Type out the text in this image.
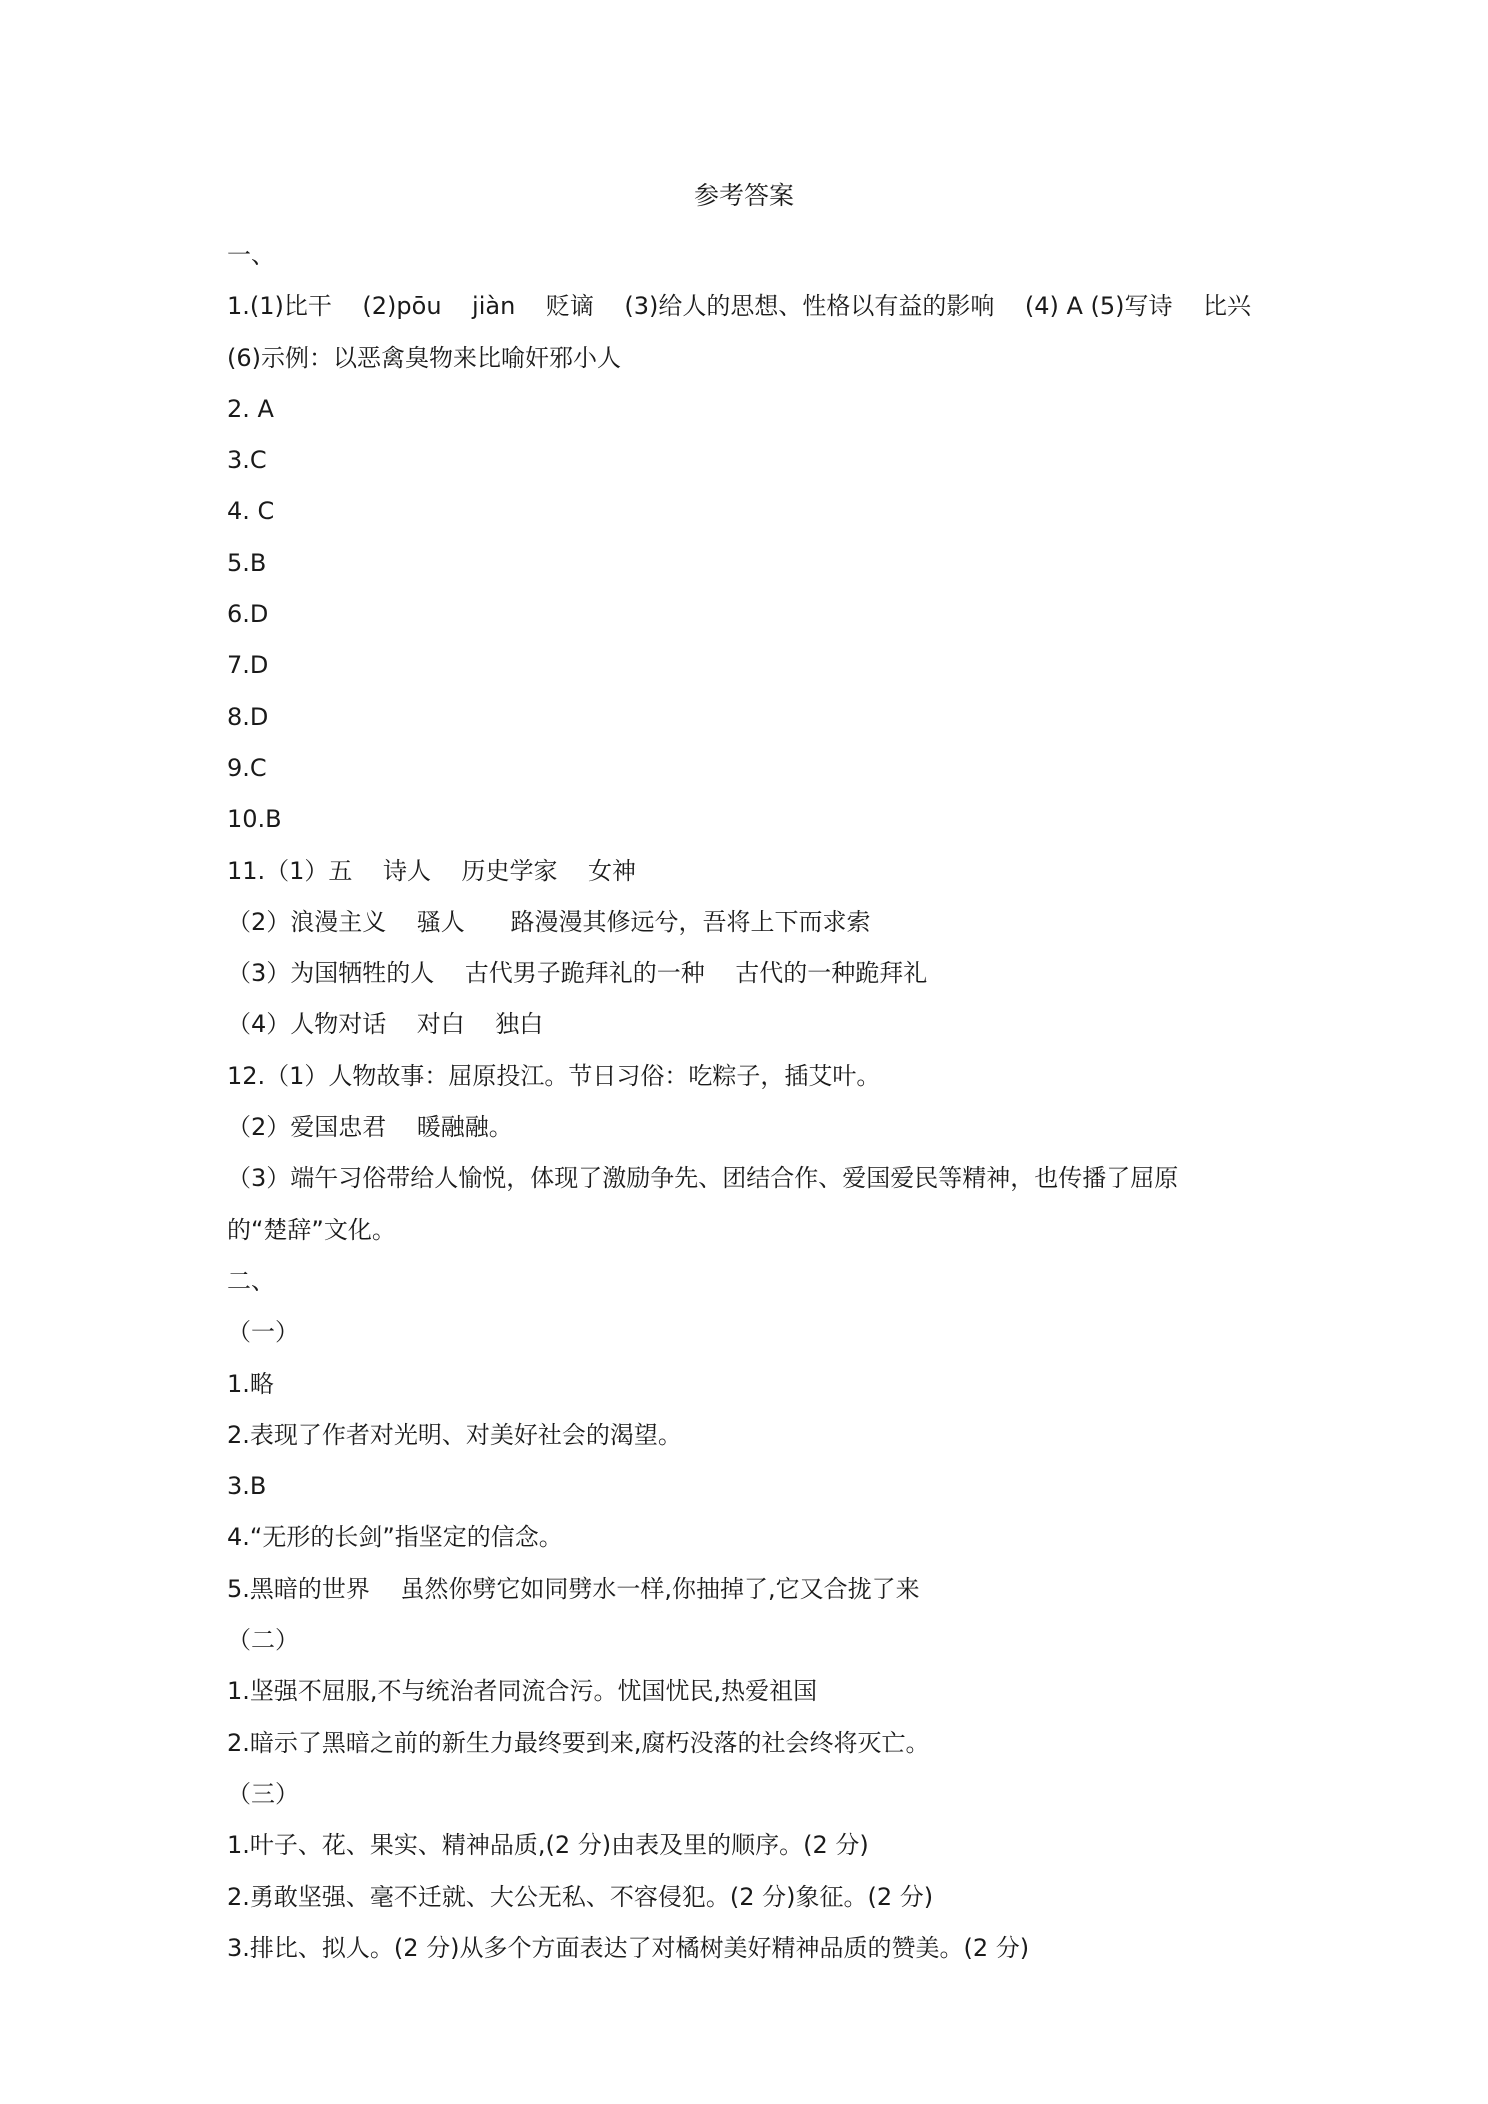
参考答案
一、
1.(1)比干    (2)pōu    jiàn    贬谪    (3)给人的思想、性格以有益的影响    (4) A (5)写诗    比兴
(6)示例：以恶禽臭物来比喻奸邪小人
2. A
3.C
4. C
5.B
6.D
7.D
8.D
9.C
10.B
11.（1）五    诗人    历史学家    女神
（2）浪漫主义    骚人      路漫漫其修远兮，吾将上下而求索
（3）为国牺牲的人    古代男子跪拜礼的一种    古代的一种跪拜礼
（4）人物对话    对白    独白
12.（1）人物故事：屈原投江。节日习俗：吃粽子，插艾叶。
（2）爱国忠君    暖融融。
（3）端午习俗带给人愉悦，体现了激励争先、团结合作、爱国爱民等精神，也传播了屈原
的“楚辞”文化。
二、
（一）
1.略
2.表现了作者对光明、对美好社会的渴望。
3.B
4.“无形的长剑”指坚定的信念。
5.黑暗的世界    虽然你劈它如同劈水一样,你抽掉了,它又合拢了来
（二）
1.坚强不屈服,不与统治者同流合污。忧国忧民,热爱祖国
2.暗示了黑暗之前的新生力最终要到来,腐朽没落的社会终将灭亡。
（三）
1.叶子、花、果实、精神品质,(2 分)由表及里的顺序。(2 分)
2.勇敢坚强、毫不迁就、大公无私、不容侵犯。(2 分)象征。(2 分)
3.排比、拟人。(2 分)从多个方面表达了对橘树美好精神品质的赞美。(2 分)
